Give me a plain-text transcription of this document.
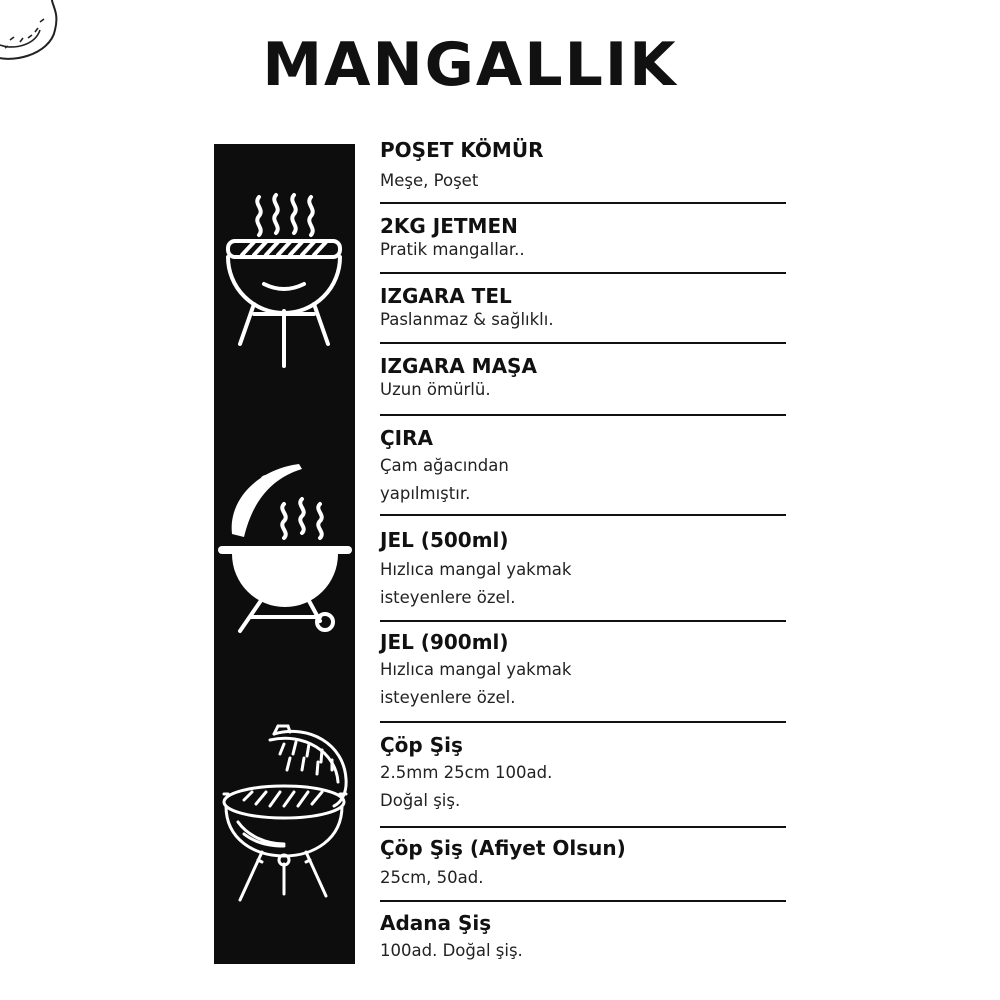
MANGALLIK
POŞET KÖMÜR
Meşe, Poşet
2KG JETMEN
Pratik mangallar..
IZGARA TEL
Paslanmaz & sağlıklı.
IZGARA MAŞA
Uzun ömürlü.
ÇIRA
Çam ağacından
yapılmıştır.
JEL (500ml)
Hızlıca mangal yakmak
isteyenlere özel.
JEL (900ml)
Hızlıca mangal yakmak
isteyenlere özel.
Çöp Şiş
2.5mm 25cm 100ad.
Doğal şiş.
Çöp Şiş (Afiyet Olsun)
25cm, 50ad.
Adana Şiş
100ad. Doğal şiş.
